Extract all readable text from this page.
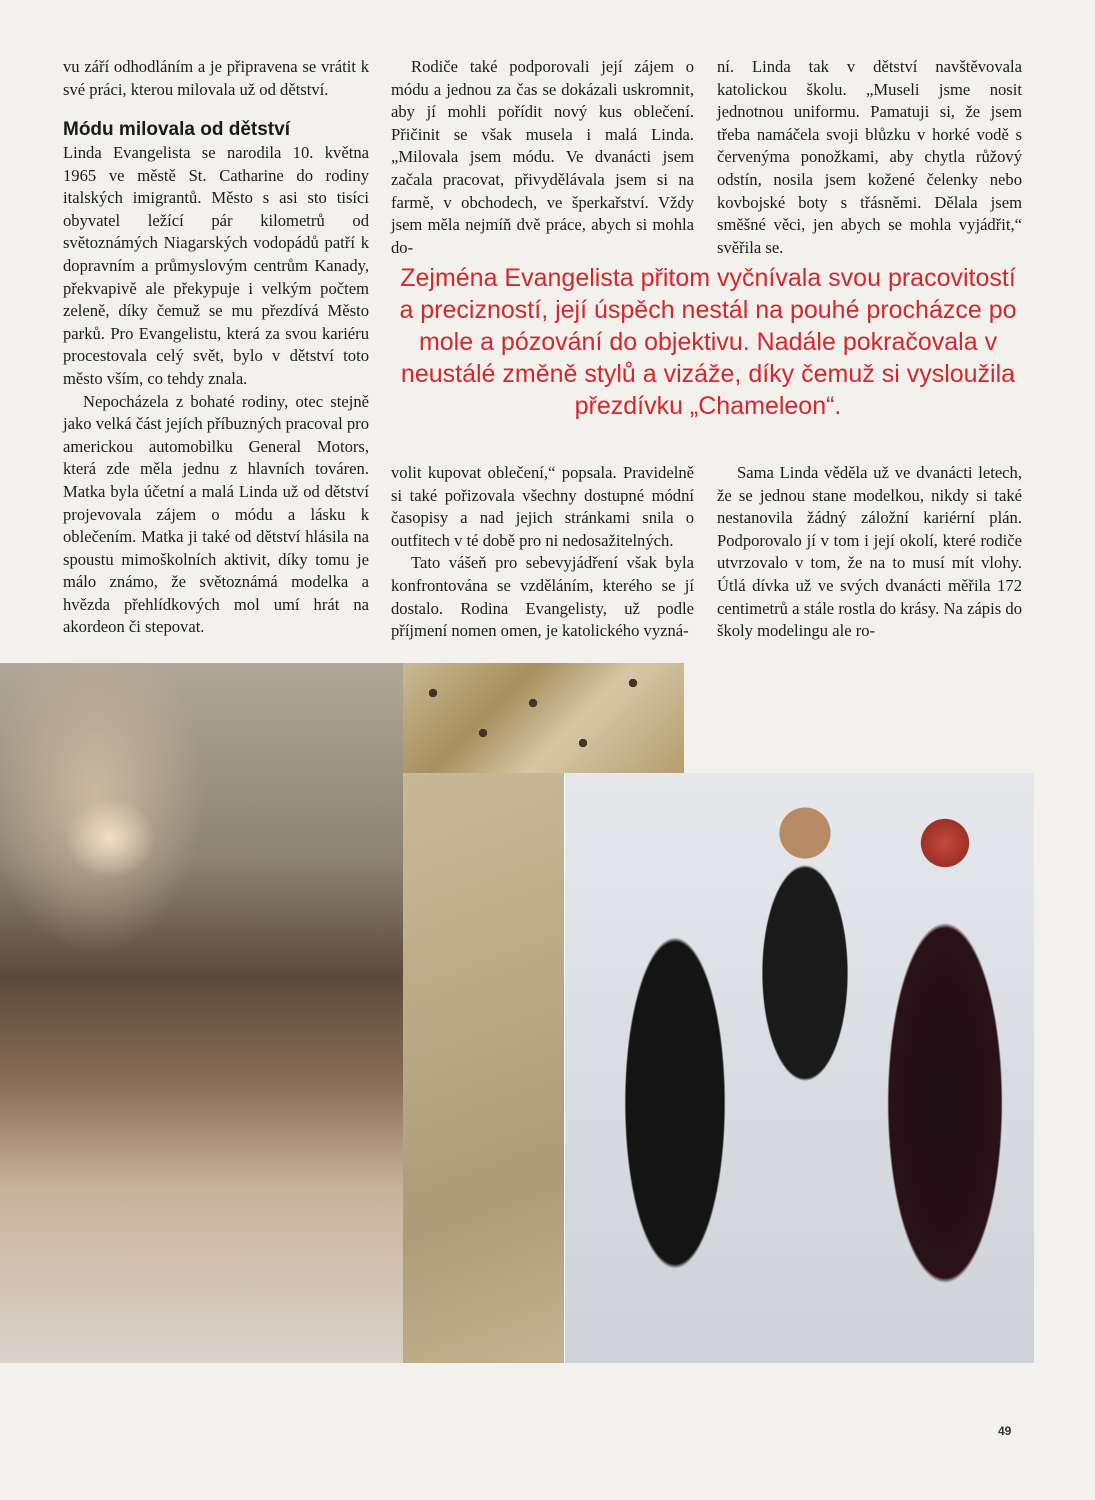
vu září odhodláním a je připravena se vrátit k své práci, kterou milovala už od dětství.

Módu milovala od dětství

Linda Evangelista se narodila 10. května 1965 ve městě St. Catharine do rodiny italských imigrantů. Město s asi sto tisíci obyvatel ležící pár kilometrů od světoznámých Niagarských vodopádů patří k dopravním a průmyslovým centrům Kanady, překvapivě ale překypuje i velkým počtem zeleně, díky čemuž se mu přezdívá Město parků. Pro Evangelistu, která za svou kariéru procestovala celý svět, bylo v dětství toto město vším, co tehdy znala.

Nepocházela z bohaté rodiny, otec stejně jako velká část jejích příbuzných pracoval pro americkou automobilku General Motors, která zde měla jednu z hlavních továren. Matka byla účetní a malá Linda už od dětství projevovala zájem o módu a lásku k oblečením. Matka ji také od dětství hlásila na spoustu mimoškolních aktivit, díky tomu je málo známo, že světoznámá modelka a hvězda přehlídkových mol umí hrát na akordeon či stepovat.

Rodiče také podporovali její zájem o módu a jednou za čas se dokázali uskromnit, aby jí mohli pořídit nový kus oblečení. Přičinit se však musela i malá Linda. „Milovala jsem módu. Ve dvanácti jsem začala pracovat, přivydělávala jsem si na farmě, v obchodech, ve šperkařství. Vždy jsem měla nejmíň dvě práce, abych si mohla do-

ní. Linda tak v dětství navštěvovala katolickou školu. „Museli jsme nosit jednotnou uniformu. Pamatuji si, že jsem třeba namáčela svoji blůzku v horké vodě s červenýma ponožkami, aby chytla růžový odstín, nosila jsem kožené čelenky nebo kovbojské boty s třásněmi. Dělala jsem směšné věci, jen abych se mohla vyjádřit,“ svěřila se.

Zejména Evangelista přitom vyčnívala svou pracovitostí a precizností, její úspěch nestál na pouhé procházce po mole a pózování do objektivu. Nadále pokračovala v neustálé změně stylů a vizáže, díky čemuž si vysloužila přezdívku „Chameleon“.

volit kupovat oblečení,“ popsala. Pravidelně si také pořizovala všechny dostupné módní časopisy a nad jejich stránkami snila o outfitech v té době pro ni nedosažitelných.

Tato vášeň pro sebevyjádření však byla konfrontována se vzděláním, kterého se jí dostalo. Rodina Evangelisty, už podle příjmení nomen omen, je katolického vyzná-

Sama Linda věděla už ve dvanácti letech, že se jednou stane modelkou, nikdy si také nestanovila žádný záložní kariérní plán. Podporovalo jí v tom i její okolí, které rodiče utvrzovalo v tom, že na to musí mít vlohy. Útlá dívka už ve svých dvanácti měřila 172 centimetrů a stále rostla do krásy. Na zápis do školy modelingu ale ro-

49
